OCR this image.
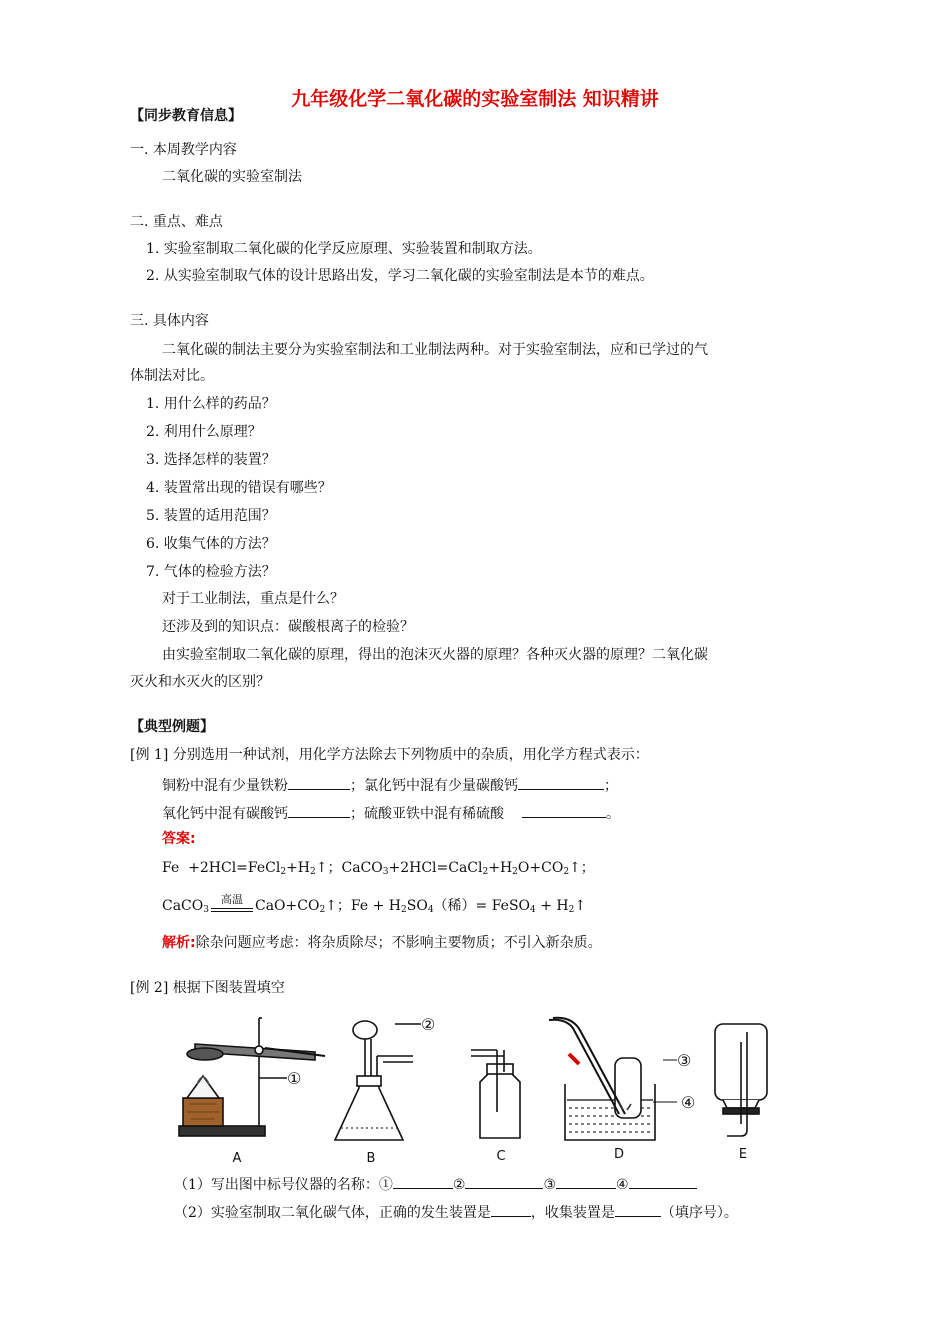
九年级化学二氧化碳的实验室制法 知识精讲
【同步教育信息】
一. 本周教学内容
二氧化碳的实验室制法
二. 重点、难点
1. 实验室制取二氧化碳的化学反应原理、实验装置和制取方法。
2. 从实验室制取气体的设计思路出发，学习二氧化碳的实验室制法是本节的难点。
三. 具体内容
二氧化碳的制法主要分为实验室制法和工业制法两种。对于实验室制法，应和已学过的气
体制法对比。
1. 用什么样的药品？
2. 利用什么原理？
3. 选择怎样的装置？
4. 装置常出现的错误有哪些？
5. 装置的适用范围？
6. 收集气体的方法？
7. 气体的检验方法？
对于工业制法，重点是什么？
还涉及到的知识点：碳酸根离子的检验？
由实验室制取二氧化碳的原理，得出的泡沫灭火器的原理？各种灭火器的原理？二氧化碳
灭火和水灭火的区别？
【典型例题】
[例 1] 分别选用一种试剂，用化学方法除去下列物质中的杂质，用化学方程式表示：
铜粉中混有少量铁粉	；氯化钙中混有少量碳酸钙	；
氧化钙中混有碳酸钙	；硫酸亚铁中混有稀硫酸	。
答案:
$Fe +2HCl=FeCl_2+H_2↑$；$CaCO_3+2HCl=CaCl_2+H_2O+CO_2↑$；
CaCO$_3$
高温 $CaO+CO_2↑$；$Fe + H_2SO_4$（稀）= FeSO$_4$ + $H_2↑$
解析:除杂问题应考虑：将杂质除尽；不影响主要物质；不引入新杂质。
[例 2] 根据下图装置填空
①
②
③
④
A	B	C	D	E
（1）写出图中标号仪器的名称：①	②	③	④
（2）实验室制取二氧化碳气体，正确的发生装置是	，收集装置是	（填序号）。
